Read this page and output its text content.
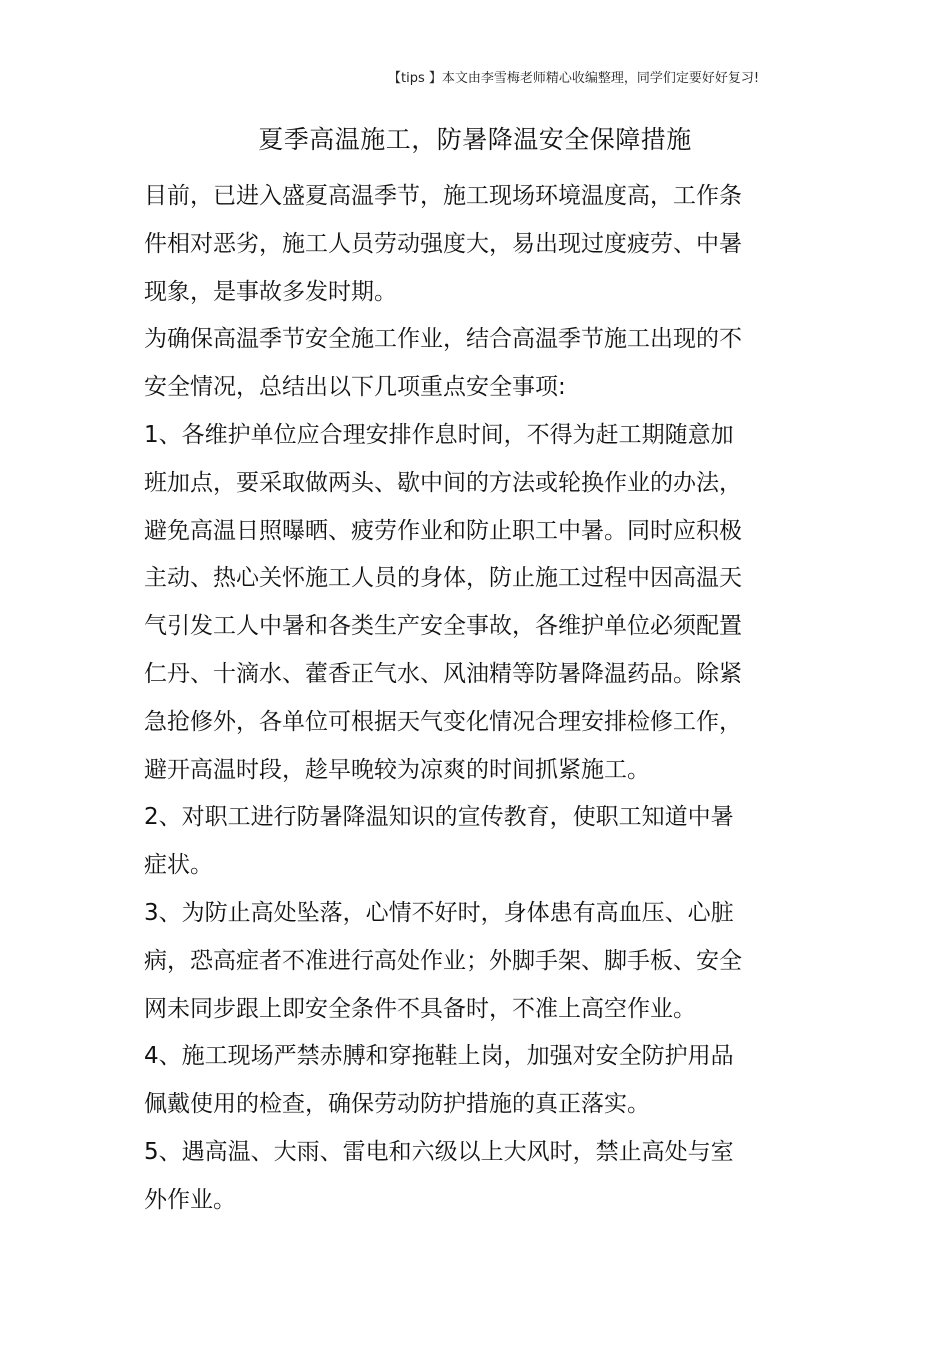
【tips 】本文由李雪梅老师精心收编整理，同学们定要好好复习!
夏季高温施工，防暑降温安全保障措施
目前，已进入盛夏高温季节，施工现场环境温度高，工作条
件相对恶劣，施工人员劳动强度大，易出现过度疲劳、中暑
现象，是事故多发时期。
为确保高温季节安全施工作业，结合高温季节施工出现的不
安全情况，总结出以下几项重点安全事项:
1、各维护单位应合理安排作息时间，不得为赶工期随意加
班加点，要采取做两头、歇中间的方法或轮换作业的办法，
避免高温日照曝晒、疲劳作业和防止职工中暑。同时应积极
主动、热心关怀施工人员的身体，防止施工过程中因高温天
气引发工人中暑和各类生产安全事故，各维护单位必须配置
仁丹、十滴水、藿香正气水、风油精等防暑降温药品。除紧
急抢修外，各单位可根据天气变化情况合理安排检修工作，
避开高温时段，趁早晚较为凉爽的时间抓紧施工。
2、对职工进行防暑降温知识的宣传教育，使职工知道中暑
症状。
3、为防止高处坠落，心情不好时，身体患有高血压、心脏
病，恐高症者不准进行高处作业；外脚手架、脚手板、安全
网未同步跟上即安全条件不具备时，不准上高空作业。
4、施工现场严禁赤膊和穿拖鞋上岗，加强对安全防护用品
佩戴使用的检查，确保劳动防护措施的真正落实。
5、遇高温、大雨、雷电和六级以上大风时，禁止高处与室
外作业。
